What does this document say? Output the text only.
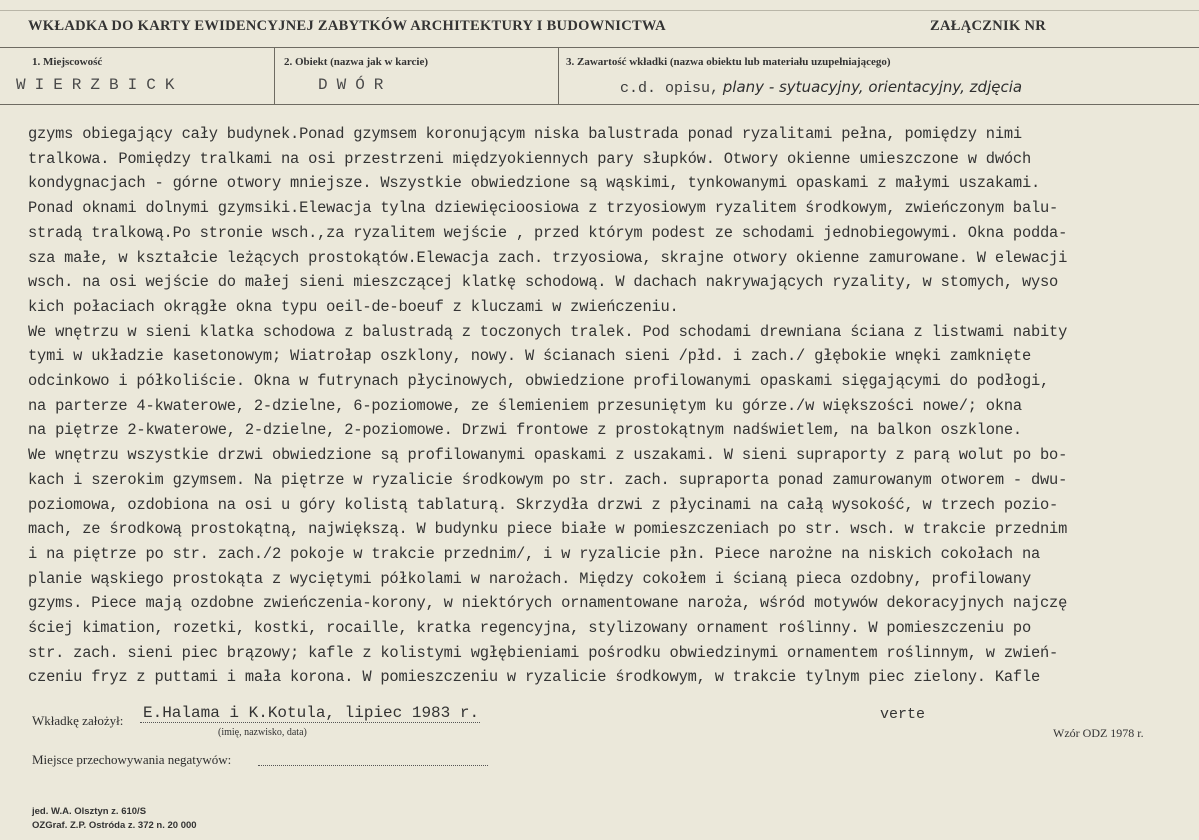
WKŁADKA DO KARTY EWIDENCYJNEJ ZABYTKÓW ARCHITEKTURY I BUDOWNICTWA	ZAŁĄCZNIK NR
1. Miejscowość
WIERZBICK
2. Obiekt (nazwa jak w karcie)
DWÓR
3. Zawartość wkładki (nazwa obiektu lub materiału uzupełniającego)
c.d. opisu, plany - sytuacyjny, orientacyjny, zdjęcia
gzyms obiegający cały budynek.Ponad gzymsem koronującym niska balustrada ponad ryzalitami pełna, pomiędzy nimi
tralkowa. Pomiędzy tralkami na osi przestrzeni międzyokiennych pary słupków. Otwory okienne umieszczone w dwóch
kondygnacjach - górne otwory mniejsze. Wszystkie obwiedzione są wąskimi, tynkowanymi opaskami z małymi uszakami.
Ponad oknami dolnymi gzymsiki.Elewacja tylna dziewięcioosiowa z trzyosiowym ryzalitem środkowym, zwieńczonym balu-
stradą tralkową.Po stronie wsch.,za ryzalitem wejście , przed którym podest ze schodami jednobiegowymi. Okna podda-
sza małe, w kształcie leżących prostokątów.Elewacja zach. trzyosiowa, skrajne otwory okienne zamurowane. W elewacji
wsch. na osi wejście do małej sieni mieszczącej klatkę schodową. W dachach nakrywających ryzality, w stomych, wyso
kich połaciach okrągłe okna typu oeil-de-boeuf z kluczami w zwieńczeniu.
We wnętrzu w sieni klatka schodowa z balustradą z toczonych tralek. Pod schodami drewniana ściana z listwami nabity
tymi w układzie kasetonowym; Wiatrołap oszklony, nowy. W ścianach sieni /płd. i zach./ głębokie wnęki zamknięte
odcinkowo i półkoliście. Okna w futrynach płycinowych, obwiedzione profilowanymi opaskami sięgającymi do podłogi,
na parterze 4-kwaterowe, 2-dzielne, 6-poziomowe, ze ślemieniem przesuniętym ku górze./w większości nowe/; okna
na piętrze 2-kwaterowe, 2-dzielne, 2-poziomowe. Drzwi frontowe z prostokątnym nadświetlem, na balkon oszklone.
We wnętrzu wszystkie drzwi obwiedzione są profilowanymi opaskami z uszakami. W sieni supraporty z parą wolut po bo-
kach i szerokim gzymsem. Na piętrze w ryzalicie środkowym po str. zach. supraporta ponad zamurowanym otworem - dwu-
poziomowa, ozdobiona na osi u góry kolistą tablaturą. Skrzydła drzwi z płycinami na całą wysokość, w trzech pozio-
mach, ze środkową prostokątną, największą. W budynku piece białe w pomieszczeniach po str. wsch. w trakcie przednim
i na piętrze po str. zach./2 pokoje w trakcie przednim/, i w ryzalicie płn. Piece narożne na niskich cokołach na
planie wąskiego prostokąta z wyciętymi półkolami w narożach. Między cokołem i ścianą pieca ozdobny, profilowany
gzyms. Piece mają ozdobne zwieńczenia-korony, w niektórych ornamentowane naroża, wśród motywów dekoracyjnych najczę
ściej kimation, rozetki, kostki, rocaille, kratka regencyjna, stylizowany ornament roślinny. W pomieszczeniu po
str. zach. sieni piec brązowy; kafle z kolistymi wgłębieniami pośrodku obwiedzinymi ornamentem roślinnym, w zwień-
czeniu fryz z puttami i mała korona. W pomieszczeniu w ryzalicie środkowym, w trakcie tylnym piec zielony. Kafle
Wkładkę założył: E.Halama i K.Kotula, lipiec 1983 r.
(imię, nazwisko, data)
verte
Wzór ODZ 1978 r.
Miejsce przechowywania negatywów:
jed. W.A. Olsztyn z. 610/S
OZGraf. Z.P. Ostróda z. 372 n. 20 000
